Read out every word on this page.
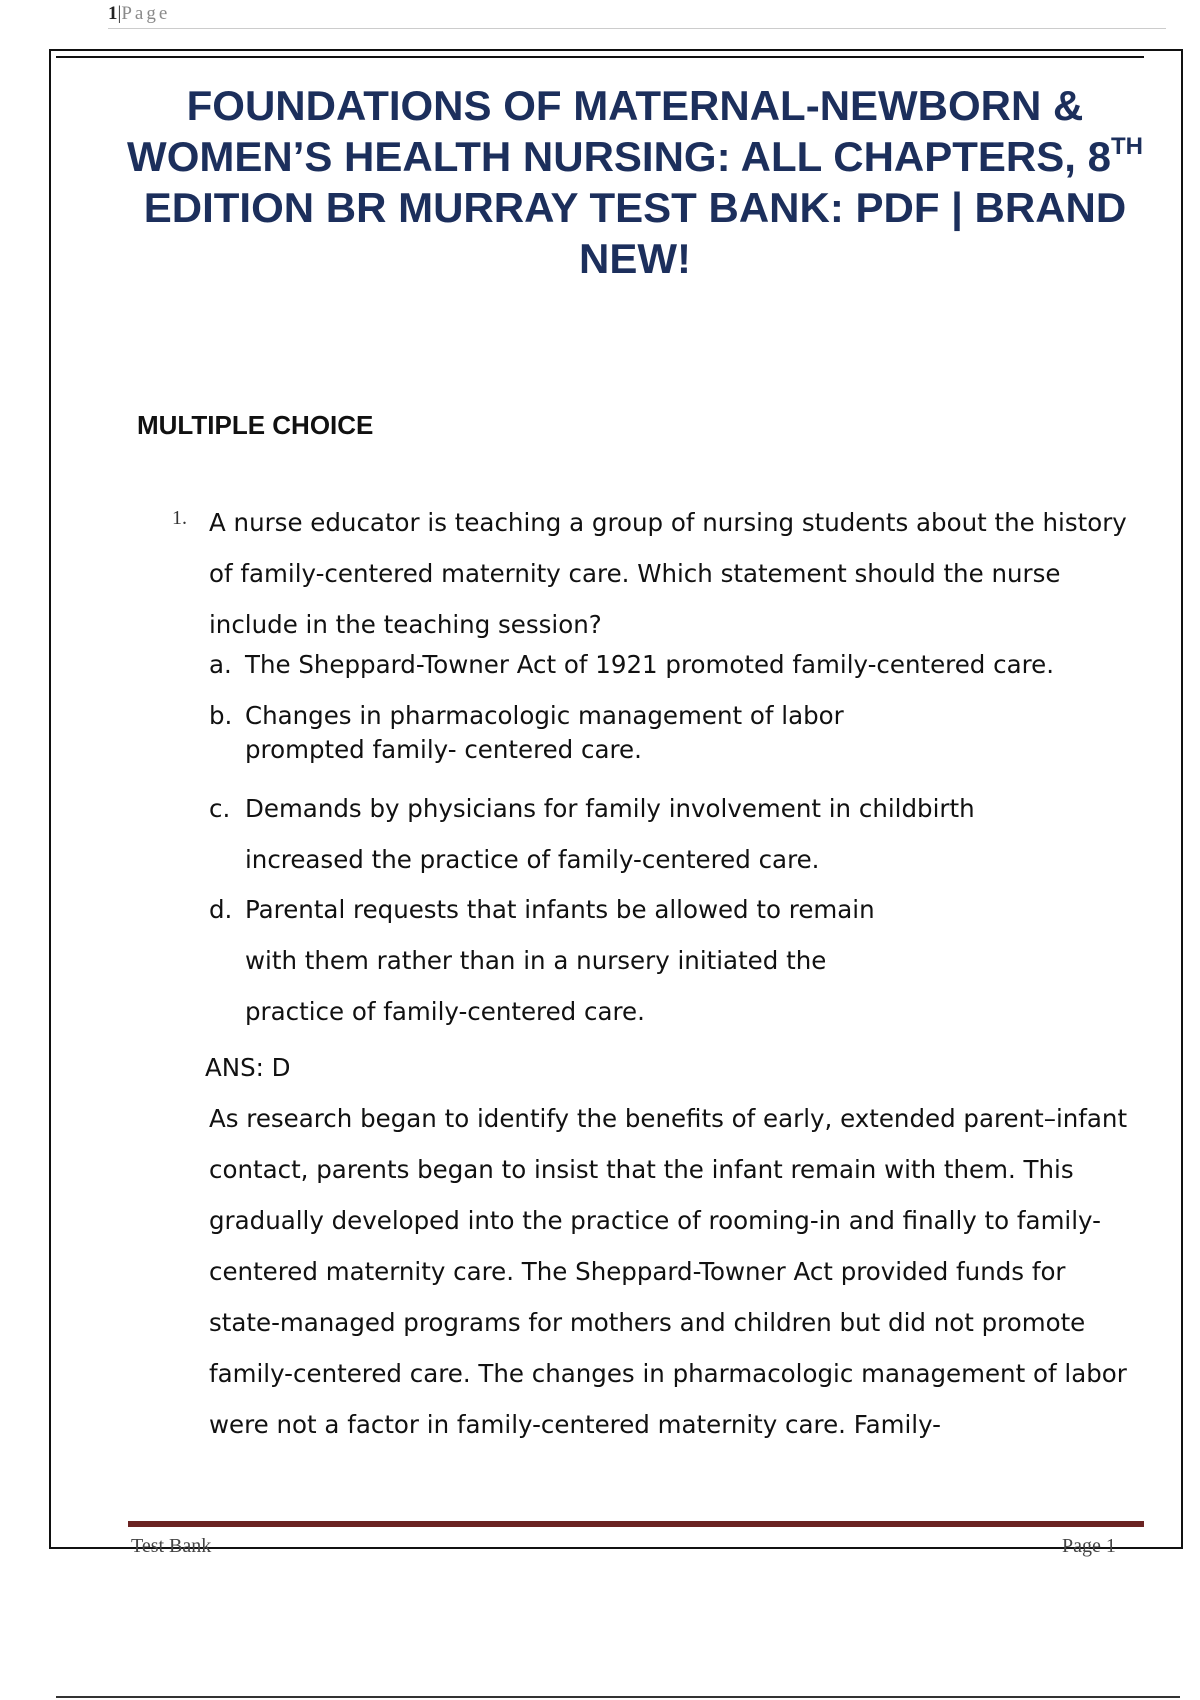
1|Page
FOUNDATIONS OF MATERNAL-NEWBORN & WOMEN’S HEALTH NURSING: ALL CHAPTERS, 8TH EDITION BR MURRAY TEST BANK: PDF | BRAND NEW!
MULTIPLE CHOICE
1. A nurse educator is teaching a group of nursing students about the history of family-centered maternity care. Which statement should the nurse include in the teaching session?
a. The Sheppard-Towner Act of 1921 promoted family-centered care.
b. Changes in pharmacologic management of labor prompted family- centered care.
c. Demands by physicians for family involvement in childbirth increased the practice of family-centered care.
d. Parental requests that infants be allowed to remain with them rather than in a nursery initiated the practice of family-centered care.
ANS: D
As research began to identify the benefits of early, extended parent–infant contact, parents began to insist that the infant remain with them. This gradually developed into the practice of rooming-in and finally to family-centered maternity care. The Sheppard-Towner Act provided funds for state-managed programs for mothers and children but did not promote family-centered care. The changes in pharmacologic management of labor were not a factor in family-centered maternity care. Family-
Test Bank	Page 1
